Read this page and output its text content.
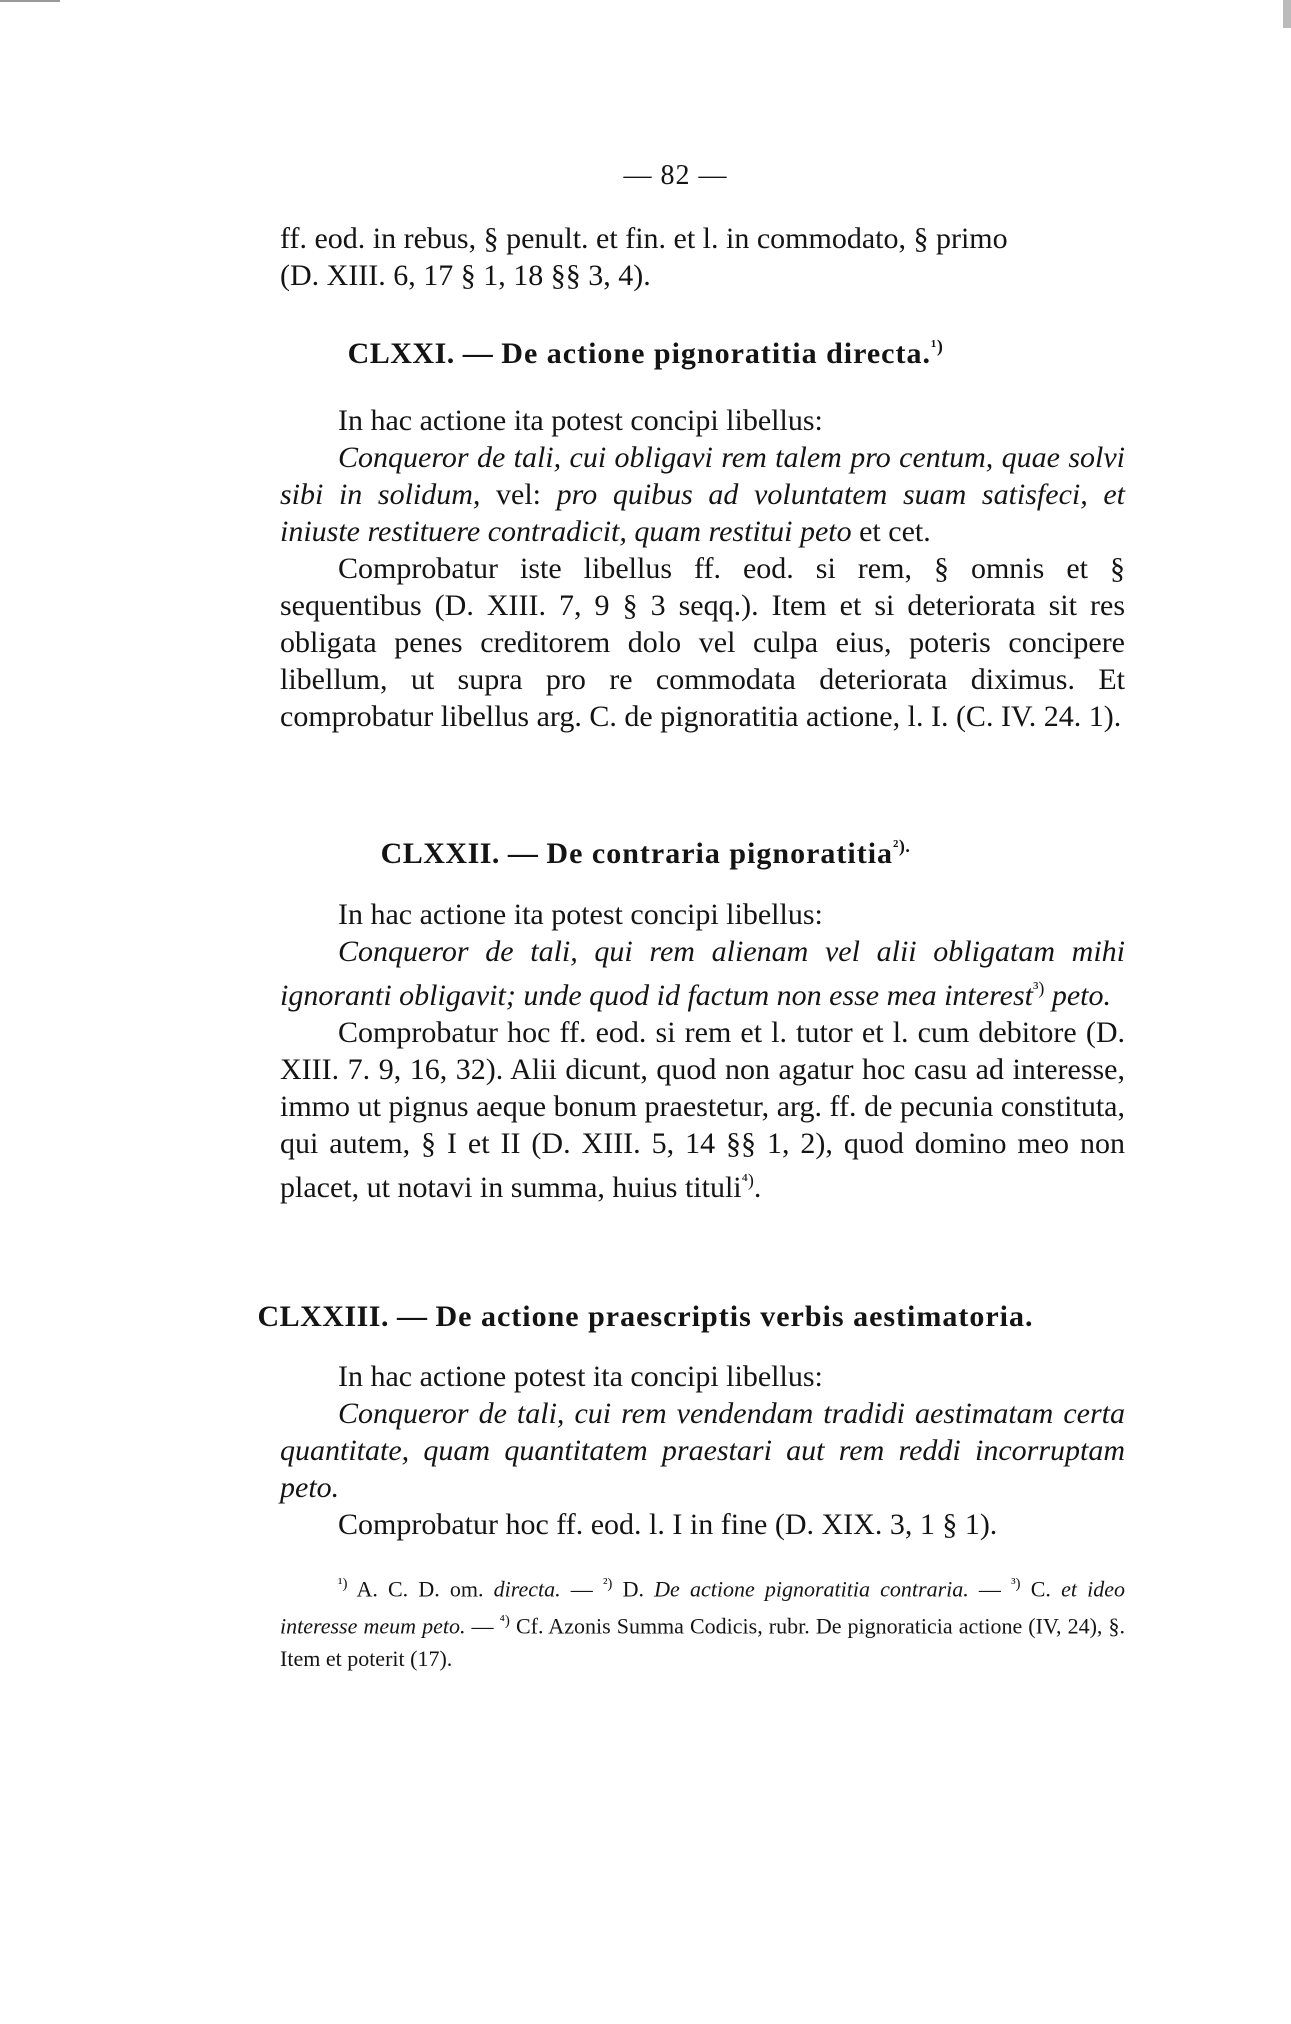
— 82 —

ff. eod. in rebus, § penult. et fin. et l. in commodato, § primo

(D. XIII. 6, 17 § 1, 18 §§ 3, 4).

CLXXI. — De actione pignoratitia directa.$^{^1)}$

In hac actione ita potest concipi libellus:

Conqueror de tali, cui obligavi rem talem pro centum, quae solvi sibi in solidum, vel: pro quibus ad voluntatem suam satisfeci, et iniuste restituere contradicit, quam restitui peto et cet.

Comprobatur iste libellus ff. eod. si rem, § omnis et § sequentibus (D. XIII. 7, 9 § 3 seqq.). Item et si deteriorata sit res obligata penes creditorem dolo vel culpa eius, poteris concipere libellum, ut supra pro re commodata deteriorata diximus. Et comprobatur libellus arg. C. de pignoratitia actione, l. I. (C. IV. 24. 1).

CLXXII. — De contraria pignoratitia$^{^2).}$

In hac actione ita potest concipi libellus:

Conqueror de tali, qui rem alienam vel alii obligatam mihi ignoranti obligavit; unde quod id factum non esse mea interest$^{^3)}$ peto.

Comprobatur hoc ff. eod. si rem et l. tutor et l. cum debitore (D. XIII. 7. 9, 16, 32). Alii dicunt, quod non agatur hoc casu ad interesse, immo ut pignus aeque bonum praestetur, arg. ff. de pecunia constituta, qui autem, § I et II (D. XIII. 5, 14 §§ 1, 2), quod domino meo non placet, ut notavi in summa, huius tituli$^{^4)}$.

CLXXIII. — De actione praescriptis verbis aestimatoria.

In hac actione potest ita concipi libellus:

Conqueror de tali, cui rem vendendam tradidi aestimatam certa quantitate, quam quantitatem praestari aut rem reddi incorruptam peto.

Comprobatur hoc ff. eod. l. I in fine (D. XIX. 3, 1 § 1).

$^{^1)}$ A. C. D. om. directa. — $^{^2)}$ D. De actione pignoratitia contraria. — $^{^3)}$ C. et ideo interesse meum peto. — $^{^4)}$ Cf. Azonis Summa Codicis, rubr. De pignoraticia actione (IV, 24), §. Item et poterit (17).
